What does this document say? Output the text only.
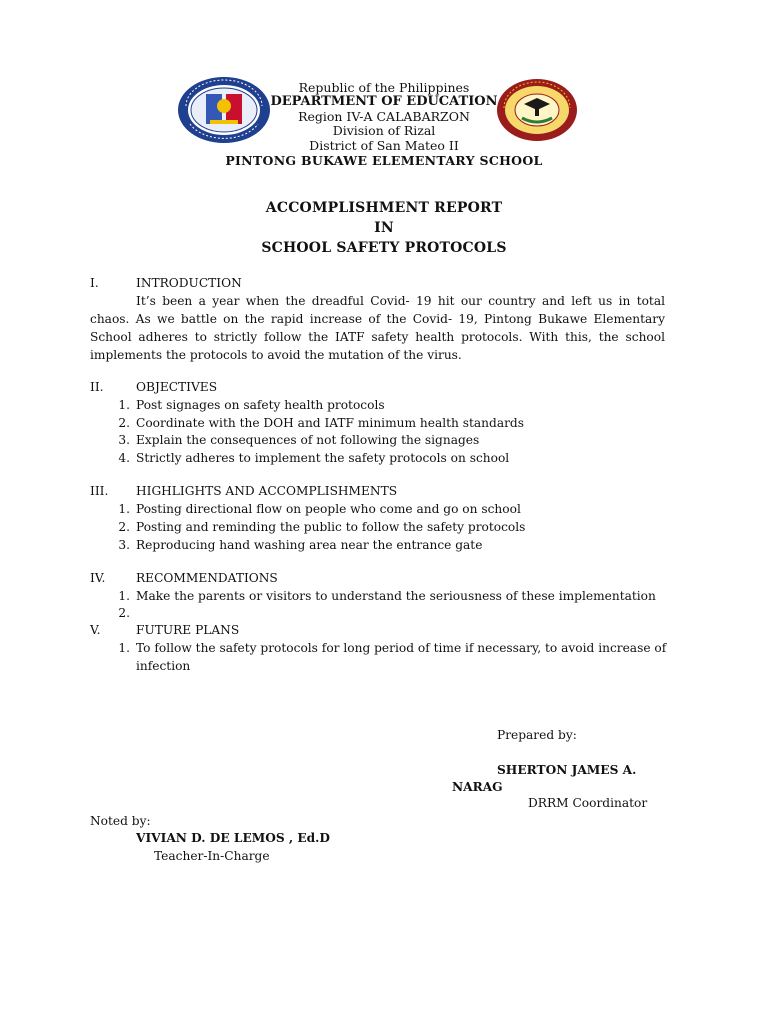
Republic of the Philippines
DEPARTMENT OF EDUCATION
Region IV-A CALABARZON
Division of Rizal
District of San Mateo II
PINTONG BUKAWE ELEMENTARY SCHOOL
ACCOMPLISHMENT REPORT
IN
SCHOOL SAFETY PROTOCOLS
I.	INTRODUCTION
It’s been a year when the dreadful Covid- 19 hit our country and left us in total chaos. As we battle on the rapid increase of the Covid- 19, Pintong Bukawe Elementary School adheres to strictly follow the IATF safety health protocols. With this, the school implements the protocols to avoid the mutation of the virus.
II.	OBJECTIVES
1. Post signages on safety health protocols
2. Coordinate with the DOH and IATF minimum health standards
3. Explain the consequences of not following the signages
4. Strictly adheres to implement the safety protocols on school
III. HIGHLIGHTS AND ACCOMPLISHMENTS
1. Posting directional flow on people who come and go on school
2. Posting and reminding the public to follow the safety protocols
3. Reproducing hand washing area near the entrance gate
IV.	RECOMMENDATIONS
1. Make the parents or visitors to understand the seriousness of these implementation
2.
V.	FUTURE PLANS
1. To follow the safety protocols for long period of time if necessary, to avoid increase of
infection
Prepared by:
SHERTON JAMES A.
NARAG
DRRM Coordinator
Noted by:
VIVIAN D. DE LEMOS , Ed.D
Teacher-In-Charge
